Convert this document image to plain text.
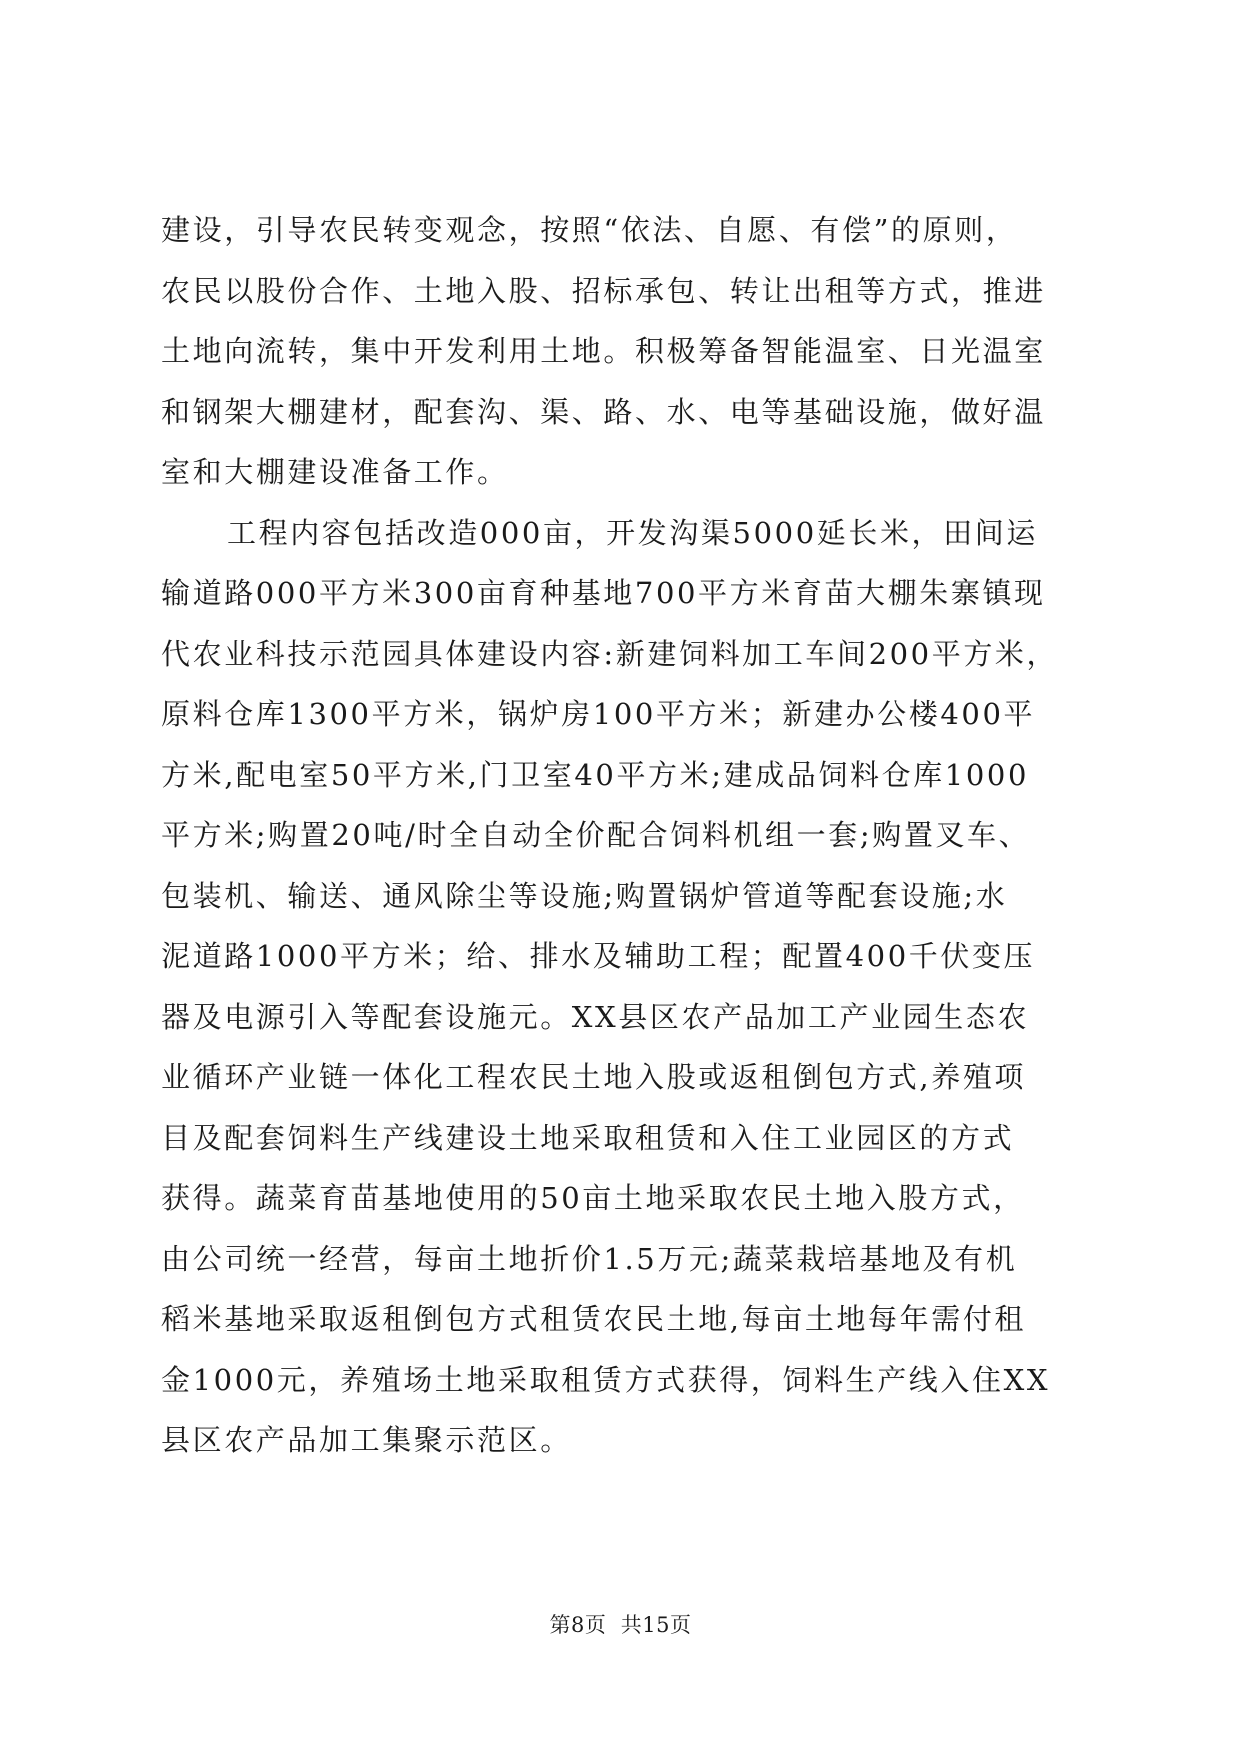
建设，引导农民转变观念，按照“依法、自愿、有偿”的原则，
农民以股份合作、土地入股、招标承包、转让出租等方式，推进
土地向流转，集中开发利用土地。积极筹备智能温室、日光温室
和钢架大棚建材，配套沟、渠、路、水、电等基础设施，做好温
室和大棚建设准备工作。
工程内容包括改造000亩，开发沟渠5000延长米，田间运
输道路000平方米300亩育种基地700平方米育苗大棚朱寨镇现
代农业科技示范园具体建设内容:新建饲料加工车间200平方米，
原料仓库1300平方米，锅炉房100平方米；新建办公楼400平
方米,配电室50平方米,门卫室40平方米;建成品饲料仓库1000
平方米;购置20吨/时全自动全价配合饲料机组一套;购置叉车、
包装机、输送、通风除尘等设施;购置锅炉管道等配套设施;水
泥道路1000平方米；给、排水及辅助工程；配置400千伏变压
器及电源引入等配套设施元。XX县区农产品加工产业园生态农
业循环产业链一体化工程农民土地入股或返租倒包方式,养殖项
目及配套饲料生产线建设土地采取租赁和入住工业园区的方式
获得。蔬菜育苗基地使用的50亩土地采取农民土地入股方式，
由公司统一经营，每亩土地折价1.5万元;蔬菜栽培基地及有机
稻米基地采取返租倒包方式租赁农民土地,每亩土地每年需付租
金1000元，养殖场土地采取租赁方式获得，饲料生产线入住XX
县区农产品加工集聚示范区。
第8页  共15页
